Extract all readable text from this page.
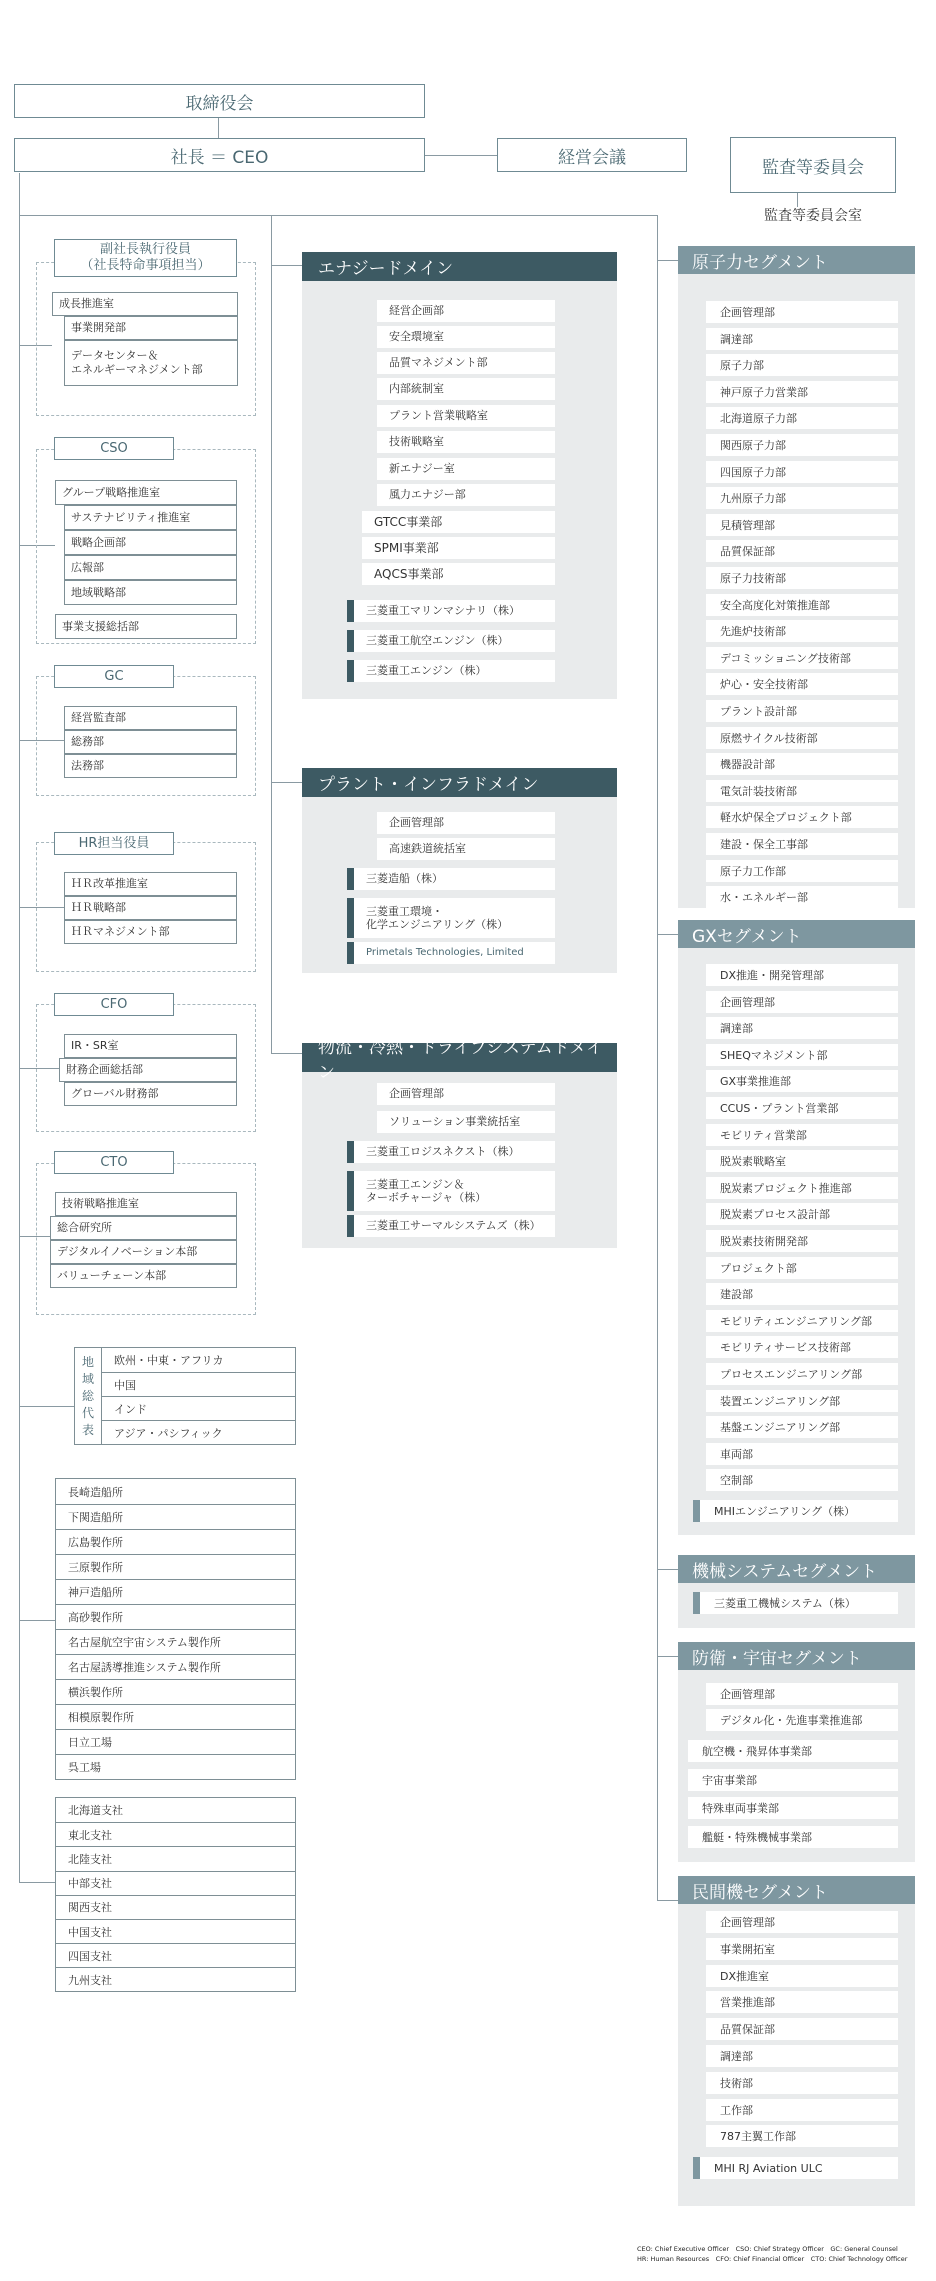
取締役会
社長 ＝ CEO	経営会議	監査等委員会
監査等委員会室
副社長執行役員
（社長特命事項担当）
成長推進室
事業開発部
データセンター＆
エネルギーマネジメント部
CSO
グループ戦略推進室
サステナビリティ推進室
戦略企画部
広報部
地域戦略部
事業支援総括部
GC
経営監査部
総務部
法務部
HR担当役員
ＨＲ改革推進室
ＨＲ戦略部
ＨＲマネジメント部
CFO
IR・SR室
財務企画総括部
グローバル財務部
CTO
技術戦略推進室
総合研究所
デジタルイノベーション本部
バリューチェーン本部
地
域
総
代
表
欧州・中東・アフリカ
中国
インド
アジア・パシフィック
長崎造船所
下関造船所
広島製作所
三原製作所
神戸造船所
高砂製作所
名古屋航空宇宙システム製作所
名古屋誘導推進システム製作所
横浜製作所
相模原製作所
日立工場
呉工場
北海道支社
東北支社
北陸支社
中部支社
関西支社
中国支社
四国支社
九州支社
エナジードメイン
経営企画部
安全環境室
品質マネジメント部
内部統制室
プラント営業戦略室
技術戦略室
新エナジー室
風力エナジー部
GTCC事業部
SPMI事業部
AQCS事業部
三菱重工マリンマシナリ（株）
三菱重工航空エンジン（株）
三菱重工エンジン（株）
プラント・インフラドメイン
企画管理部
高速鉄道統括室
三菱造船（株）
三菱重工環境・
化学エンジニアリング（株）
Primetals Technologies, Limited
物流・冷熱・ドライブシステムドメイン
企画管理部
ソリューション事業統括室
三菱重工ロジスネクスト（株）
三菱重工エンジン＆
ターボチャージャ（株）
三菱重工サーマルシステムズ（株）
原子力セグメント
企画管理部
調達部
原子力部
神戸原子力営業部
北海道原子力部
関西原子力部
四国原子力部
九州原子力部
見積管理部
品質保証部
原子力技術部
安全高度化対策推進部
先進炉技術部
デコミッショニング技術部
炉心・安全技術部
プラント設計部
原燃サイクル技術部
機器設計部
電気計装技術部
軽水炉保全プロジェクト部
建設・保全工事部
原子力工作部
水・エネルギー部
GXセグメント
DX推進・開発管理部
企画管理部
調達部
SHEQマネジメント部
GX事業推進部
CCUS・プラント営業部
モビリティ営業部
脱炭素戦略室
脱炭素プロジェクト推進部
脱炭素プロセス設計部
脱炭素技術開発部
プロジェクト部
建設部
モビリティエンジニアリング部
モビリティサービス技術部
プロセスエンジニアリング部
装置エンジニアリング部
基盤エンジニアリング部
車両部
空制部
MHIエンジニアリング（株）
機械システムセグメント
三菱重工機械システム（株）
防衛・宇宙セグメント
企画管理部
デジタル化・先進事業推進部
航空機・飛昇体事業部
宇宙事業部
特殊車両事業部
艦艇・特殊機械事業部
民間機セグメント
企画管理部
事業開拓室
DX推進室
営業推進部
品質保証部
調達部
技術部
工作部
787主翼工作部
MHI RJ Aviation ULC
CEO: Chief Executive Officer　CSO: Chief Strategy Officer　GC: General Counsel
HR: Human Resources　CFO: Chief Financial Officer　CTO: Chief Technology Officer
